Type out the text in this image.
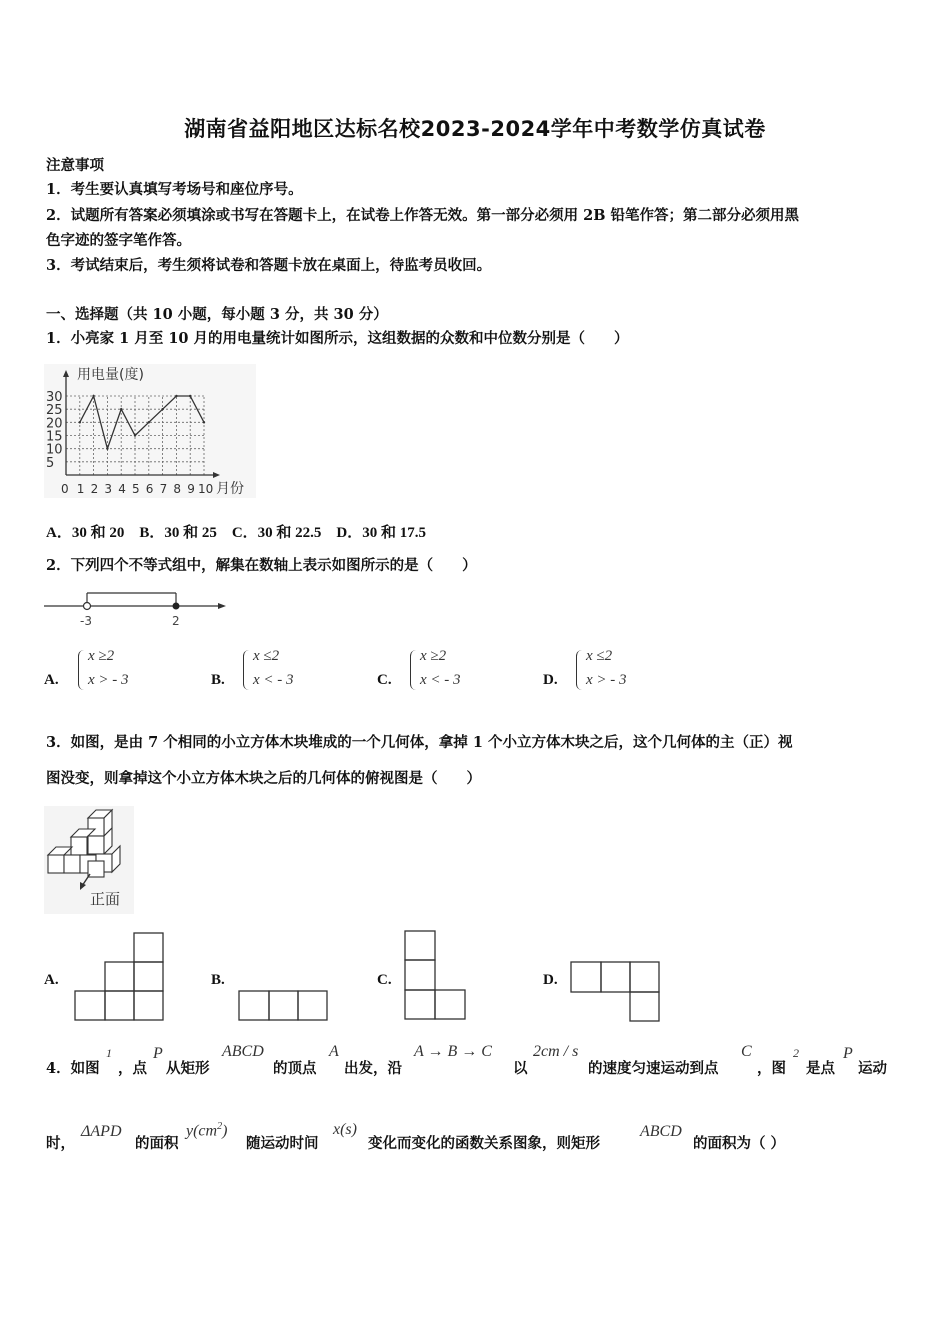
湖南省益阳地区达标名校2023-2024学年中考数学仿真试卷
注意事项
1．考生要认真填写考场号和座位序号。
2．试题所有答案必须填涂或书写在答题卡上，在试卷上作答无效。第一部分必须用 2B 铅笔作答；第二部分必须用黑
色字迹的签字笔作答。
3．考试结束后，考生须将试卷和答题卡放在桌面上，待监考员收回。
一、选择题（共 10 小题，每小题 3 分，共 30 分）
1．小亮家 1 月至 10 月的用电量统计如图所示，这组数据的众数和中位数分别是（　　）
用电量(度)
月份
5
10
15
20
25
30
0 1 2 3 4 5 6 7 8 9 10
A．30 和 20　B．30 和 25　C．30 和 22.5　D．30 和 17.5
2．下列四个不等式组中，解集在数轴上表示如图所示的是（　　）
-3	2
A.
x ≥2
x > - 3	B.
x ≤2
x < - 3	C.
x ≥2
x < - 3	D.
x ≤2
x > - 3
3．如图，是由 7 个相同的小立方体木块堆成的一个几何体，拿掉 1 个小立方体木块之后，这个几何体的主（正）视
图没变，则拿掉这个小立方体木块之后的几何体的俯视图是（　　）
正面
A.	B.	C.	D.
4．如图
1
，点
P
从矩形
ABCD
的顶点
A
出发，沿
A → B → C
以
2cm / s
的速度匀速运动到点
C
，图
2
是点
P
运动
时，
ΔAPD
的面积
$y(cm^2)$
随运动时间
x(s)
变化而变化的函数关系图象，则矩形
ABCD
的面积为（ ）
